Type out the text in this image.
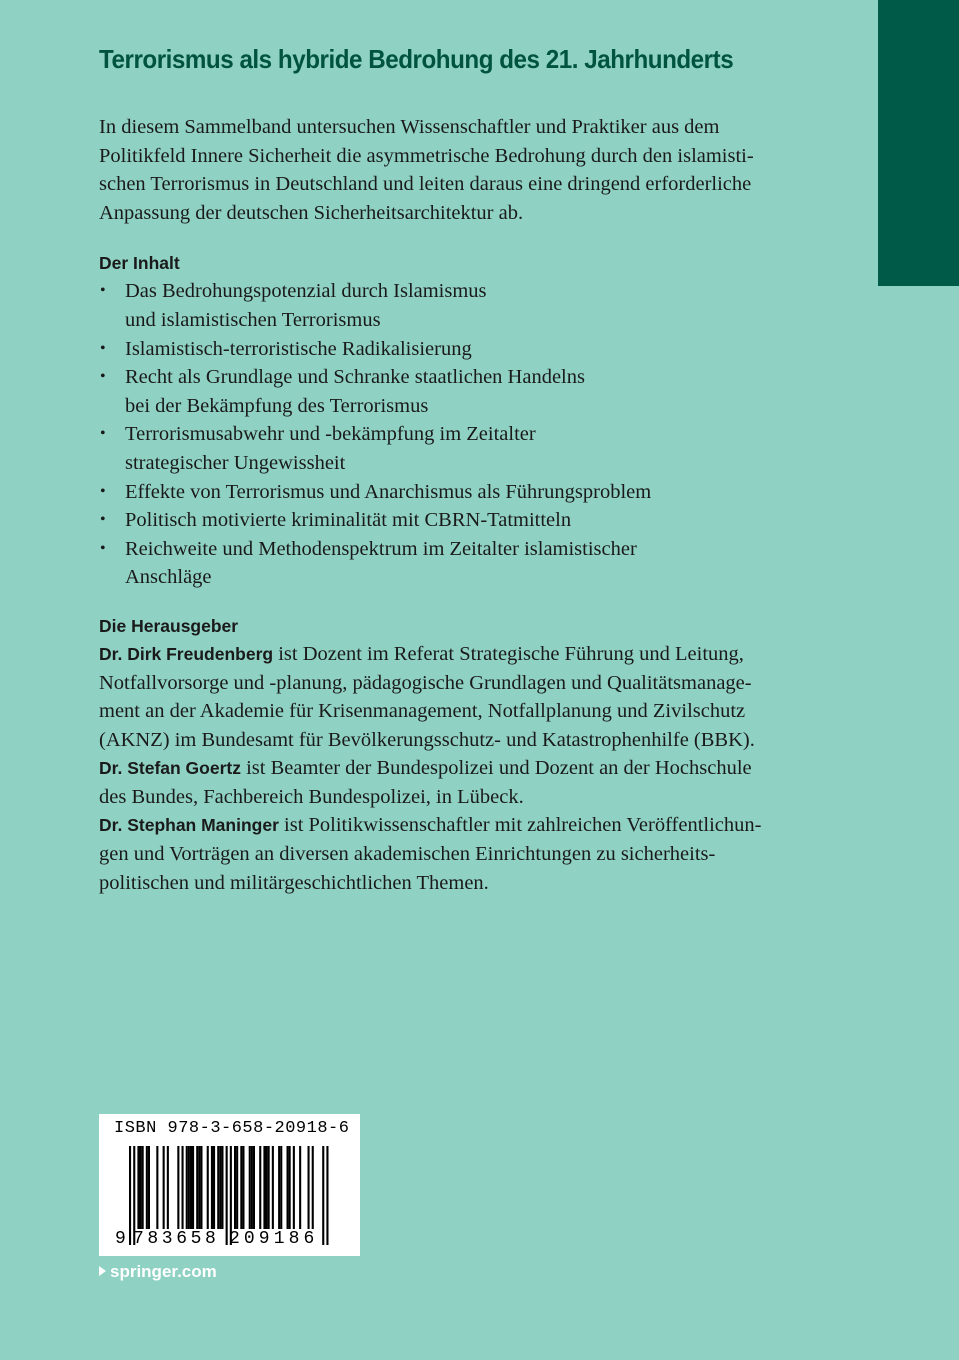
Terrorismus als hybride Bedrohung des 21. Jahrhunderts

In diesem Sammelband untersuchen Wissenschaftler und Praktiker aus dem
Politikfeld Innere Sicherheit die asymmetrische Bedrohung durch den islamisti-
schen Terrorismus in Deutschland und leiten daraus eine dringend erforderliche
Anpassung der deutschen Sicherheitsarchitektur ab.

Der Inhalt
• Das Bedrohungspotenzial durch Islamismus
und islamistischen Terrorismus
• Islamistisch-terroristische Radikalisierung
• Recht als Grundlage und Schranke staatlichen Handelns
bei der Bekämpfung des Terrorismus
• Terrorismusabwehr und -bekämpfung im Zeitalter
strategischer Ungewissheit
• Effekte von Terrorismus und Anarchismus als Führungsproblem
• Politisch motivierte kriminalität mit CBRN-Tatmitteln
• Reichweite und Methodenspektrum im Zeitalter islamistischer
Anschläge
Die Herausgeber

Dr. Dirk Freudenberg ist Dozent im Referat Strategische Führung und Leitung,
Notfallvorsorge und -planung, pädagogische Grundlagen und Qualitätsmanage-
ment an der Akademie für Krisenmanagement, Notfallplanung und Zivilschutz
(AKNZ) im Bundesamt für Bevölkerungsschutz- und Katastrophenhilfe (BBK).

Dr. Stefan Goertz ist Beamter der Bundespolizei und Dozent an der Hochschule
des Bundes, Fachbereich Bundespolizei, in Lübeck.

Dr. Stephan Maninger ist Politikwissenschaftler mit zahlreichen Veröffentlichun-
gen und Vorträgen an diversen akademischen Einrichtungen zu sicherheits-
politischen und militärgeschichtlichen Themen.

ISBN 978-3-658-20918-6
9 783658 209186
springer.com
